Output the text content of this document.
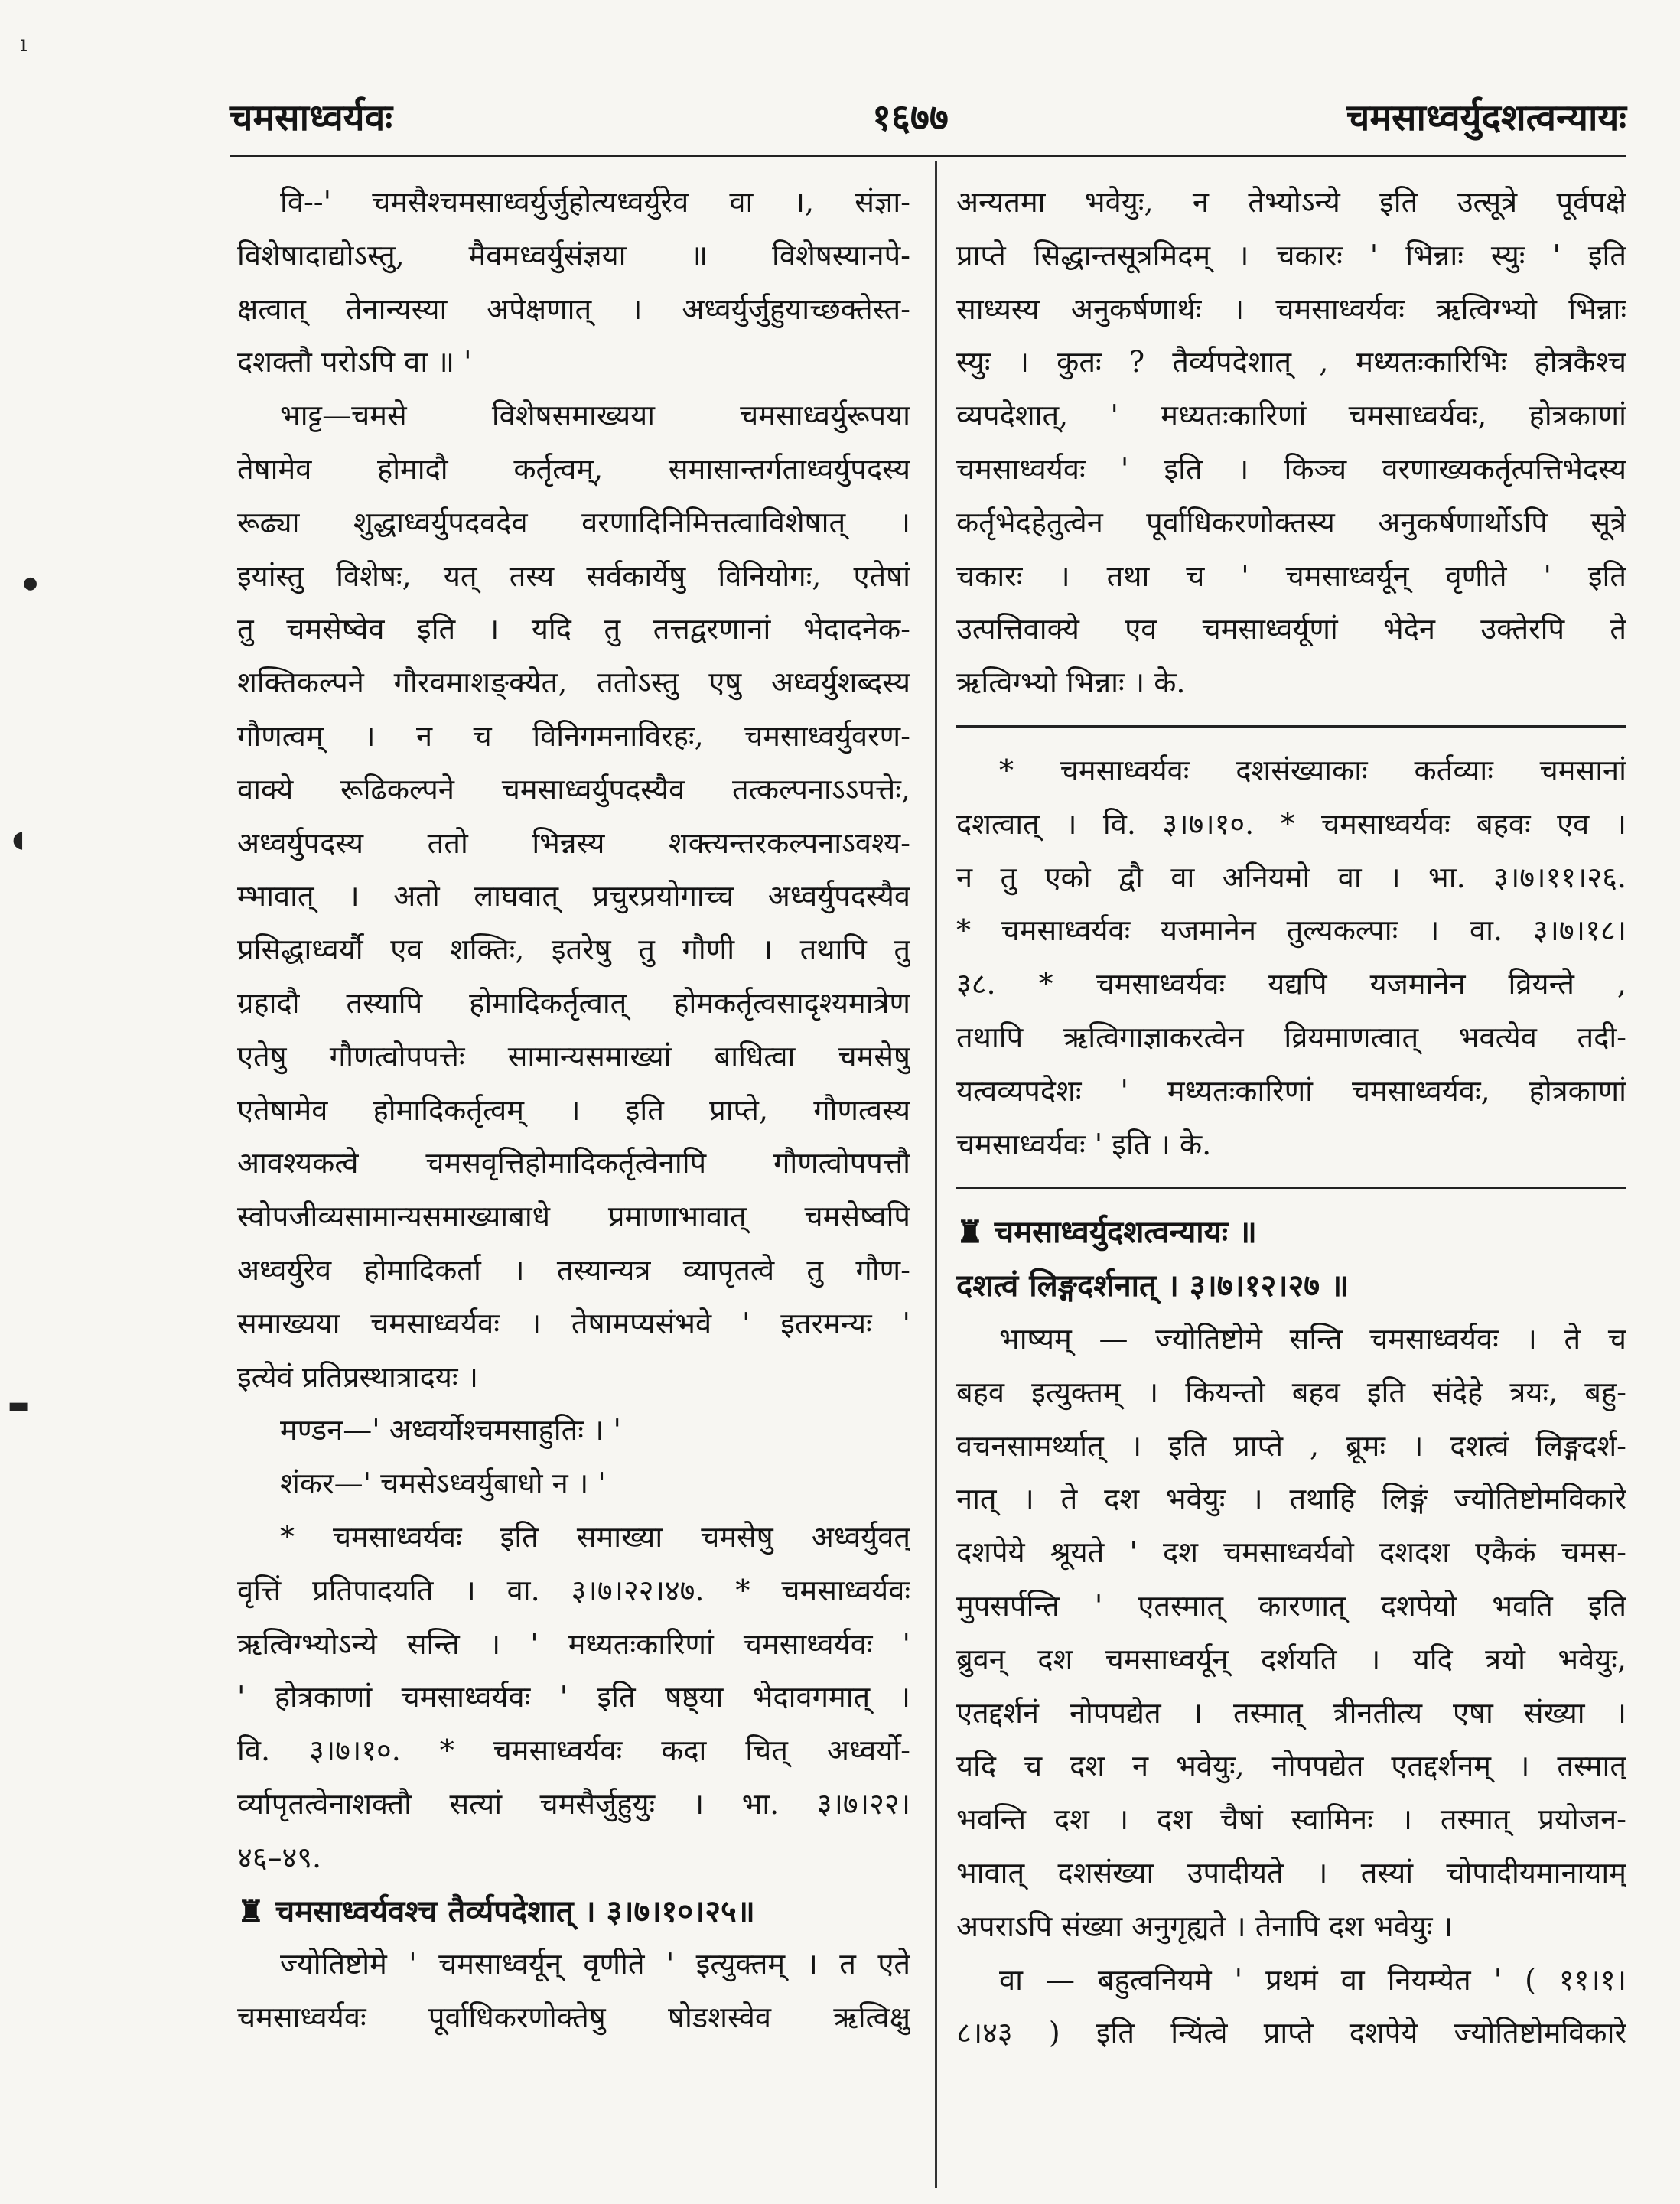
ı
●
◖
▬
चमसाध्वर्यवः	१६७७	चमसाध्वर्युदशत्वन्यायः
वि--' चमसैश्चमसाध्वर्युर्जुहोत्यध्वर्युरेव वा ।, संज्ञा-
विशेषादाद्योऽस्तु, मैवमध्वर्युसंज्ञया ॥ विशेषस्यानपे-
क्षत्वात् तेनान्यस्या अपेक्षणात् । अध्वर्युर्जुहुयाच्छक्तेस्त-
दशक्तौ परोऽपि वा ॥ '
भाट्ट—चमसे विशेषसमाख्यया चमसाध्वर्युरूपया
तेषामेव होमादौ कर्तृत्वम्, समासान्तर्गताध्वर्युपदस्य
रूढ्या शुद्धाध्वर्युपदवदेव वरणादिनिमित्तत्वाविशेषात् ।
इयांस्तु विशेषः, यत् तस्य सर्वकार्येषु विनियोगः, एतेषां
तु चमसेष्वेव इति । यदि तु तत्तद्वरणानां भेदादनेक-
शक्तिकल्पने गौरवमाशङ्क्येत, ततोऽस्तु एषु अध्वर्युशब्दस्य
गौणत्वम् । न च विनिगमनाविरहः, चमसाध्वर्युवरण-
वाक्ये रूढिकल्पने चमसाध्वर्युपदस्यैव तत्कल्पनाऽऽपत्तेः,
अध्वर्युपदस्य ततो भिन्नस्य शक्त्यन्तरकल्पनाऽवश्य-
म्भावात् । अतो लाघवात् प्रचुरप्रयोगाच्च अध्वर्युपदस्यैव
प्रसिद्धाध्वर्यौ एव शक्तिः, इतरेषु तु गौणी । तथापि तु
ग्रहादौ तस्यापि होमादिकर्तृत्वात् होमकर्तृत्वसादृश्यमात्रेण
एतेषु गौणत्वोपपत्तेः सामान्यसमाख्यां बाधित्वा चमसेषु
एतेषामेव होमादिकर्तृत्वम् । इति प्राप्ते, गौणत्वस्य
आवश्यकत्वे चमसवृत्तिहोमादिकर्तृत्वेनापि गौणत्वोपपत्तौ
स्वोपजीव्यसामान्यसमाख्याबाधे प्रमाणाभावात् चमसेष्वपि
अध्वर्युरेव होमादिकर्ता । तस्यान्यत्र व्यापृतत्वे तु गौण-
समाख्यया चमसाध्वर्यवः । तेषामप्यसंभवे ' इतरमन्यः '
इत्येवं प्रतिप्रस्थात्रादयः ।
मण्डन—' अध्वर्योश्चमसाहुतिः । '
शंकर—' चमसेऽध्वर्युबाधो न । '
* चमसाध्वर्यवः इति समाख्या चमसेषु अध्वर्युवत्
वृत्तिं प्रतिपादयति । वा. ३।७।२२।४७. * चमसाध्वर्यवः
ऋत्विग्भ्योऽन्ये सन्ति । ' मध्यतःकारिणां चमसाध्वर्यवः '
' होत्रकाणां चमसाध्वर्यवः ' इति षष्ठ्या भेदावगमात् ।
वि. ३।७।१०. * चमसाध्वर्यवः कदा चित् अध्वर्यो-
र्व्यापृतत्वेनाशक्तौ सत्यां चमसैर्जुहुयुः । भा. ३।७।२२।
४६–४९.
♜ चमसाध्वर्यवश्च तैर्व्यपदेशात् । ३।७।१०।२५॥
ज्योतिष्टोमे ' चमसाध्वर्यून् वृणीते ' इत्युक्तम् । त एते
चमसाध्वर्यवः पूर्वाधिकरणोक्तेषु षोडशस्वेव ऋत्विक्षु
अन्यतमा भवेयुः, न तेभ्योऽन्ये इति उत्सूत्रे पूर्वपक्षे
प्राप्ते सिद्धान्तसूत्रमिदम् । चकारः ' भिन्नाः स्युः ' इति
साध्यस्य अनुकर्षणार्थः । चमसाध्वर्यवः ऋत्विग्भ्यो भिन्नाः
स्युः । कुतः ? तैर्व्यपदेशात् , मध्यतःकारिभिः होत्रकैश्च
व्यपदेशात्, ' मध्यतःकारिणां चमसाध्वर्यवः, होत्रकाणां
चमसाध्वर्यवः ' इति । किञ्च वरणाख्यकर्तृत्पत्तिभेदस्य
कर्तृभेदहेतुत्वेन पूर्वाधिकरणोक्तस्य अनुकर्षणार्थोऽपि सूत्रे
चकारः । तथा च ' चमसाध्वर्यून् वृणीते ' इति
उत्पत्तिवाक्ये एव चमसाध्वर्यूणां भेदेन उक्तेरपि ते
ऋत्विग्भ्यो भिन्नाः । के.
* चमसाध्वर्यवः दशसंख्याकाः कर्तव्याः चमसानां
दशत्वात् । वि. ३।७।१०. * चमसाध्वर्यवः बहवः एव ।
न तु एको द्वौ वा अनियमो वा । भा. ३।७।११।२६.
* चमसाध्वर्यवः यजमानेन तुल्यकल्पाः । वा. ३।७।१८।
३८. * चमसाध्वर्यवः यद्यपि यजमानेन व्रियन्ते ,
तथापि ऋत्विगाज्ञाकरत्वेन व्रियमाणत्वात् भवत्येव तदी-
यत्वव्यपदेशः ' मध्यतःकारिणां चमसाध्वर्यवः, होत्रकाणां
चमसाध्वर्यवः ' इति । के.
♜ चमसाध्वर्युदशत्वन्यायः ॥
दशत्वं लिङ्गदर्शनात् । ३।७।१२।२७ ॥
भाष्यम् — ज्योतिष्टोमे सन्ति चमसाध्वर्यवः । ते च
बहव इत्युक्तम् । कियन्तो बहव इति संदेहे त्रयः, बहु-
वचनसामर्थ्यात् । इति प्राप्ते , ब्रूमः । दशत्वं लिङ्गदर्श-
नात् । ते दश भवेयुः । तथाहि लिङ्गं ज्योतिष्टोमविकारे
दशपेये श्रूयते ' दश चमसाध्वर्यवो दशदश एकैकं चमस-
मुपसर्पन्ति ' एतस्मात् कारणात् दशपेयो भवति इति
ब्रुवन् दश चमसाध्वर्यून् दर्शयति । यदि त्रयो भवेयुः,
एतद्दर्शनं नोपपद्येत । तस्मात् त्रीनतीत्य एषा संख्या ।
यदि च दश न भवेयुः, नोपपद्येत एतद्दर्शनम् । तस्मात्
भवन्ति दश । दश चैषां स्वामिनः । तस्मात् प्रयोजन-
भावात् दशसंख्या उपादीयते । तस्यां चोपादीयमानायाम्
अपराऽपि संख्या अनुगृह्यते । तेनापि दश भवेयुः ।
वा — बहुत्वनियमे ' प्रथमं वा नियम्येत ' ( ११।१।
८।४३ ) इति न्यिंत्वे प्राप्ते दशपेये ज्योतिष्टोमविकारे
